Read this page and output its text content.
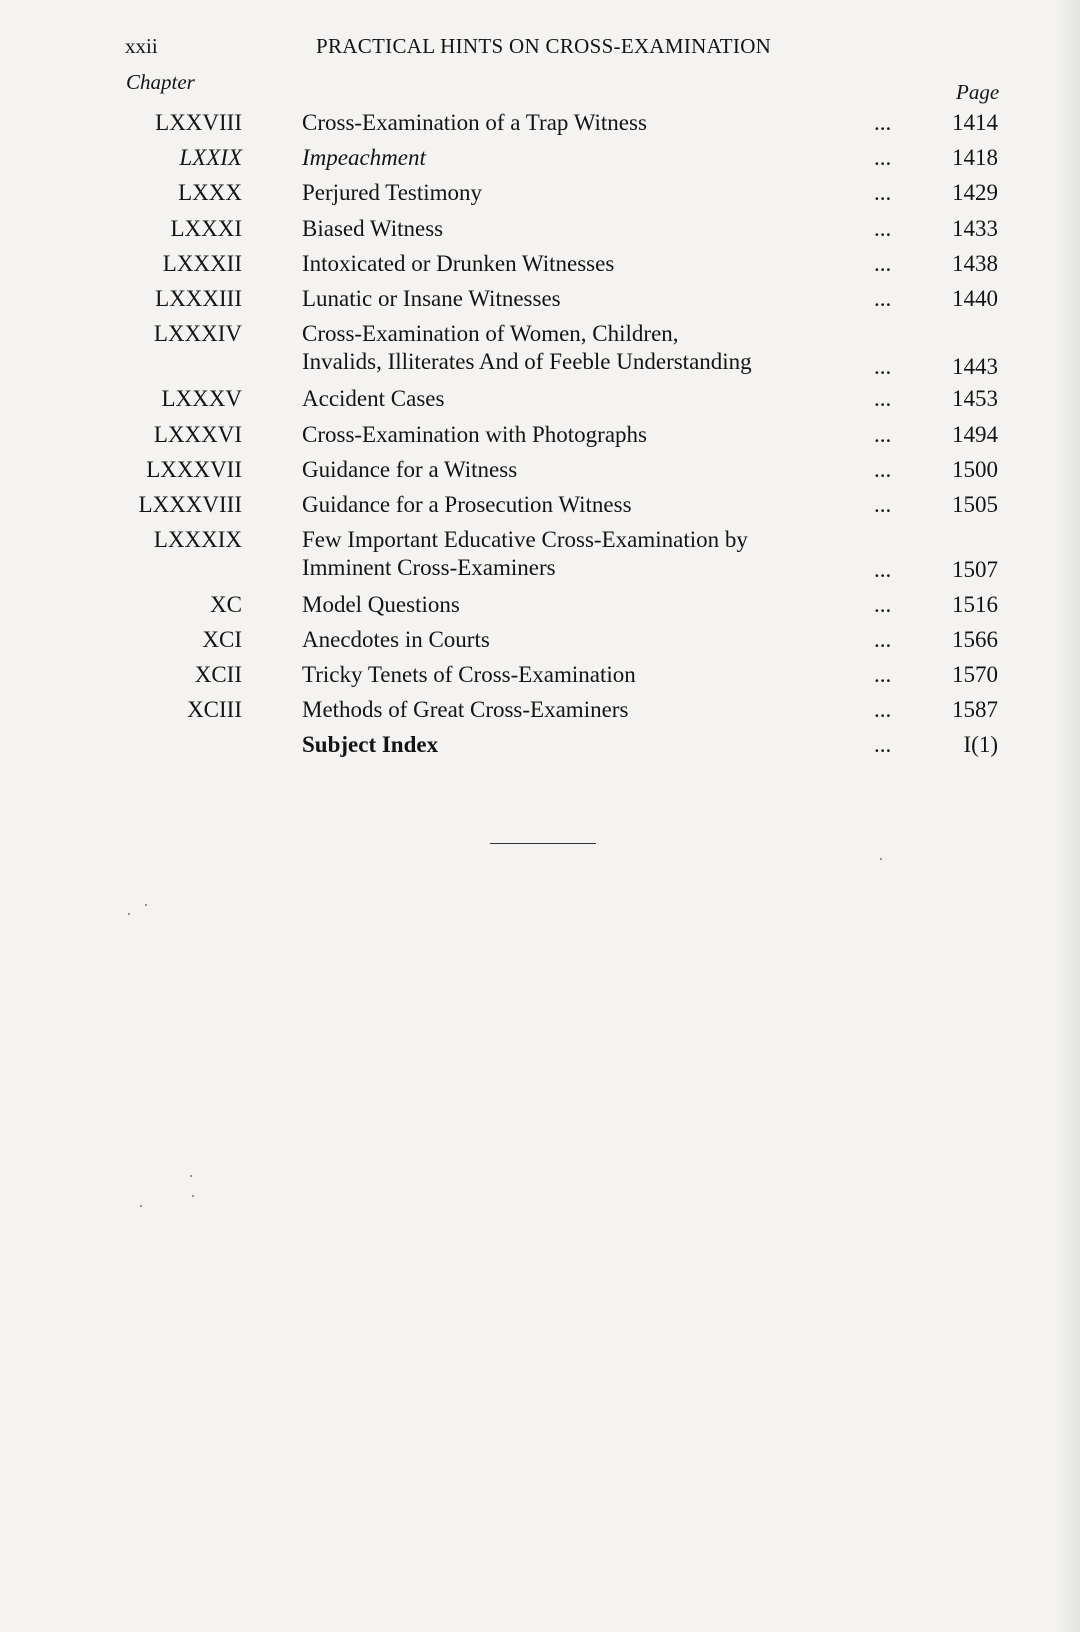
xxii	PRACTICAL HINTS ON CROSS-EXAMINATION
Chapter	Page
LXXVIII	Cross-Examination of a Trap Witness	...	1414
LXXIX	Impeachment	...	1418
LXXX	Perjured Testimony	...	1429
LXXXI	Biased Witness	...	1433
LXXXII	Intoxicated or Drunken Witnesses	...	1438
LXXXIII	Lunatic or Insane Witnesses	...	1440
LXXXIV	Cross-Examination of Women, Children,
Invalids, Illiterates And of Feeble Understanding	...	1443
LXXXV	Accident Cases	...	1453
LXXXVI	Cross-Examination with Photographs	...	1494
LXXXVII	Guidance for a Witness	...	1500
LXXXVIII	Guidance for a Prosecution Witness	...	1505
LXXXIX	Few Important Educative Cross-Examination by
Imminent Cross-Examiners	...	1507
XC	Model Questions	...	1516
XCI	Anecdotes in Courts	...	1566
XCII	Tricky Tenets of Cross-Examination	...	1570
XCIII	Methods of Great Cross-Examiners	...	1587
Subject Index	...	I(1)
